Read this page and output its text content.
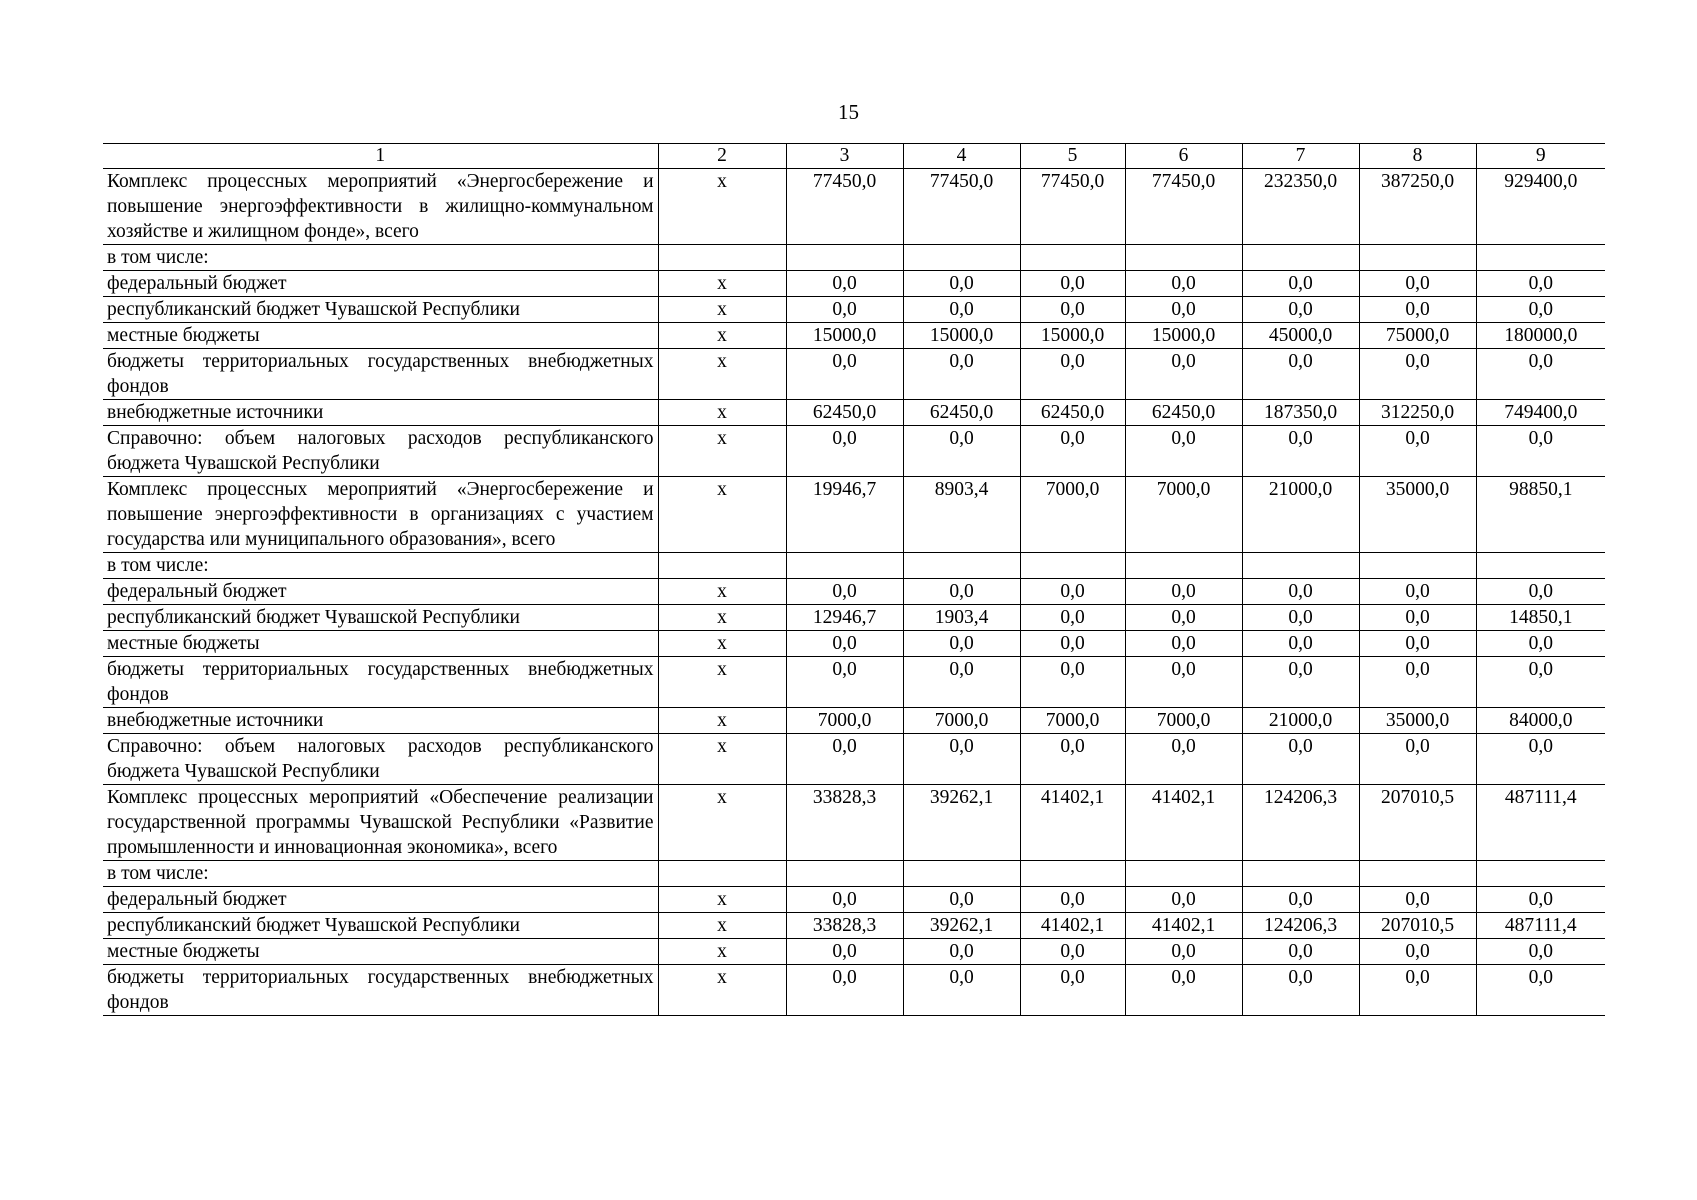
15
1	2	3	4	5	6	7	8	9
Комплекс процессных мероприятий «Энергосбережение и повышение энергоэффективности в жилищно-коммунальном хозяйстве и жилищном фонде», всего	x	77450,0	77450,0	77450,0	77450,0	232350,0	387250,0	929400,0
в том числе:								
федеральный бюджет	x	0,0	0,0	0,0	0,0	0,0	0,0	0,0
республиканский бюджет Чувашской Республики	x	0,0	0,0	0,0	0,0	0,0	0,0	0,0
местные бюджеты	x	15000,0	15000,0	15000,0	15000,0	45000,0	75000,0	180000,0
бюджеты территориальных государственных внебюджетных фондов	x	0,0	0,0	0,0	0,0	0,0	0,0	0,0
внебюджетные источники	x	62450,0	62450,0	62450,0	62450,0	187350,0	312250,0	749400,0
Справочно: объем налоговых расходов республиканского бюджета Чувашской Республики	x	0,0	0,0	0,0	0,0	0,0	0,0	0,0
Комплекс процессных мероприятий «Энергосбережение и повышение энергоэффективности в организациях с участием государства или муниципального образования», всего	x	19946,7	8903,4	7000,0	7000,0	21000,0	35000,0	98850,1
в том числе:								
федеральный бюджет	x	0,0	0,0	0,0	0,0	0,0	0,0	0,0
республиканский бюджет Чувашской Республики	x	12946,7	1903,4	0,0	0,0	0,0	0,0	14850,1
местные бюджеты	x	0,0	0,0	0,0	0,0	0,0	0,0	0,0
бюджеты территориальных государственных внебюджетных фондов	x	0,0	0,0	0,0	0,0	0,0	0,0	0,0
внебюджетные источники	x	7000,0	7000,0	7000,0	7000,0	21000,0	35000,0	84000,0
Справочно: объем налоговых расходов республиканского бюджета Чувашской Республики	x	0,0	0,0	0,0	0,0	0,0	0,0	0,0
Комплекс процессных мероприятий «Обеспечение реализации государственной программы Чувашской Республики «Развитие промышленности и инновационная экономика», всего	x	33828,3	39262,1	41402,1	41402,1	124206,3	207010,5	487111,4
в том числе:								
федеральный бюджет	x	0,0	0,0	0,0	0,0	0,0	0,0	0,0
республиканский бюджет Чувашской Республики	x	33828,3	39262,1	41402,1	41402,1	124206,3	207010,5	487111,4
местные бюджеты	x	0,0	0,0	0,0	0,0	0,0	0,0	0,0
бюджеты территориальных государственных внебюджетных фондов	x	0,0	0,0	0,0	0,0	0,0	0,0	0,0
